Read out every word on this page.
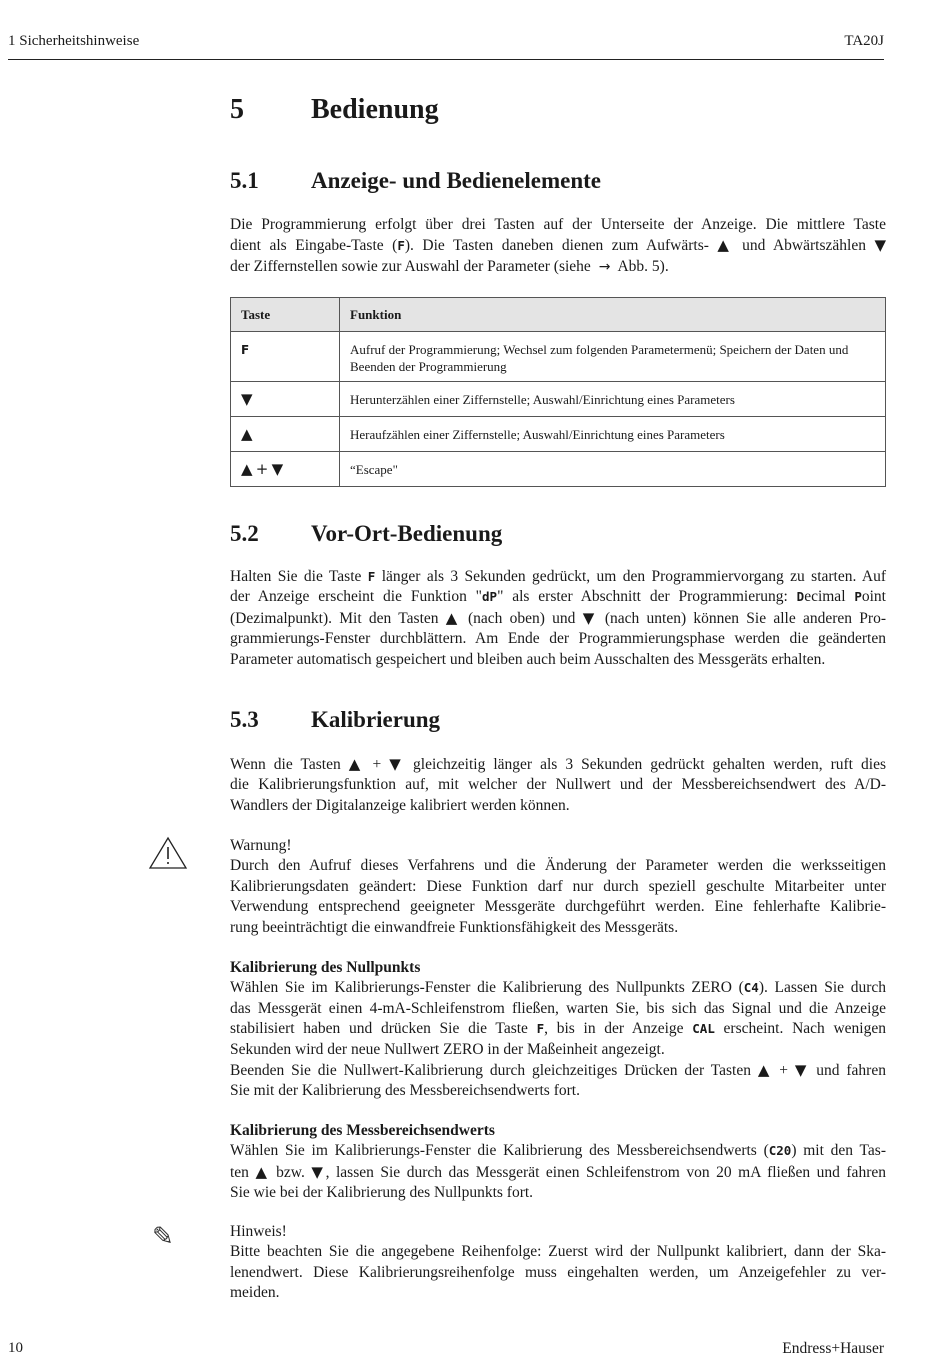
1 Sicherheitshinweise	TA20J
5 Bedienung
5.1 Anzeige- und Bedienelemente
Die Programmierung erfolgt über drei Tasten auf der Unterseite der Anzeige. Die mittlere Taste
dient als Eingabe-Taste (F). Die Tasten daneben dienen zum Aufwärts- ▲ und Abwärtszählen ▼
der Ziffernstellen sowie zur Auswahl der Parameter (siehe → Abb. 5).
Taste	Funktion
F	Aufruf der Programmierung; Wechsel zum folgenden Parametermenü; Speichern der Daten und Beenden der Programmierung
▼	Herunterzählen einer Ziffernstelle; Auswahl/Einrichtung eines Parameters
▲	Heraufzählen einer Ziffernstelle; Auswahl/Einrichtung eines Parameters
▲ + ▼	“Escape"
5.2 Vor-Ort-Bedienung
Halten Sie die Taste F länger als 3 Sekunden gedrückt, um den Programmiervorgang zu starten. Auf
der Anzeige erscheint die Funktion "dP" als erster Abschnitt der Programmierung: Decimal Point
(Dezimalpunkt). Mit den Tasten ▲ (nach oben) und ▼ (nach unten) können Sie alle anderen Pro-
grammierungs-Fenster durchblättern. Am Ende der Programmierungsphase werden die geänderten
Parameter automatisch gespeichert und bleiben auch beim Ausschalten des Messgeräts erhalten.
5.3 Kalibrierung
Wenn die Tasten ▲ + ▼ gleichzeitig länger als 3 Sekunden gedrückt gehalten werden, ruft dies
die Kalibrierungsfunktion auf, mit welcher der Nullwert und der Messbereichsendwert des A/D-
Wandlers der Digitalanzeige kalibriert werden können.
Warnung!
Durch den Aufruf dieses Verfahrens und die Änderung der Parameter werden die werksseitigen
Kalibrierungsdaten geändert: Diese Funktion darf nur durch speziell geschulte Mitarbeiter unter
Verwendung entsprechend geeigneter Messgeräte durchgeführt werden. Eine fehlerhafte Kalibrie-
rung beeinträchtigt die einwandfreie Funktionsfähigkeit des Messgeräts.
Kalibrierung des Nullpunkts
Wählen Sie im Kalibrierungs-Fenster die Kalibrierung des Nullpunkts ZERO (C4). Lassen Sie durch
das Messgerät einen 4-mA-Schleifenstrom fließen, warten Sie, bis sich das Signal und die Anzeige
stabilisiert haben und drücken Sie die Taste F, bis in der Anzeige CAL erscheint. Nach wenigen
Sekunden wird der neue Nullwert ZERO in der Maßeinheit angezeigt.
Beenden Sie die Nullwert-Kalibrierung durch gleichzeitiges Drücken der Tasten ▲ + ▼ und fahren
Sie mit der Kalibrierung des Messbereichsendwerts fort.
Kalibrierung des Messbereichsendwerts
Wählen Sie im Kalibrierungs-Fenster die Kalibrierung des Messbereichsendwerts (C20) mit den Tas-
ten ▲ bzw. ▼, lassen Sie durch das Messgerät einen Schleifenstrom von 20 mA fließen und fahren
Sie wie bei der Kalibrierung des Nullpunkts fort.
✎	Hinweis!
Bitte beachten Sie die angegebene Reihenfolge: Zuerst wird der Nullpunkt kalibriert, dann der Ska-
lenendwert. Diese Kalibrierungsreihenfolge muss eingehalten werden, um Anzeigefehler zu ver-
meiden.
10	Endress+Hauser
